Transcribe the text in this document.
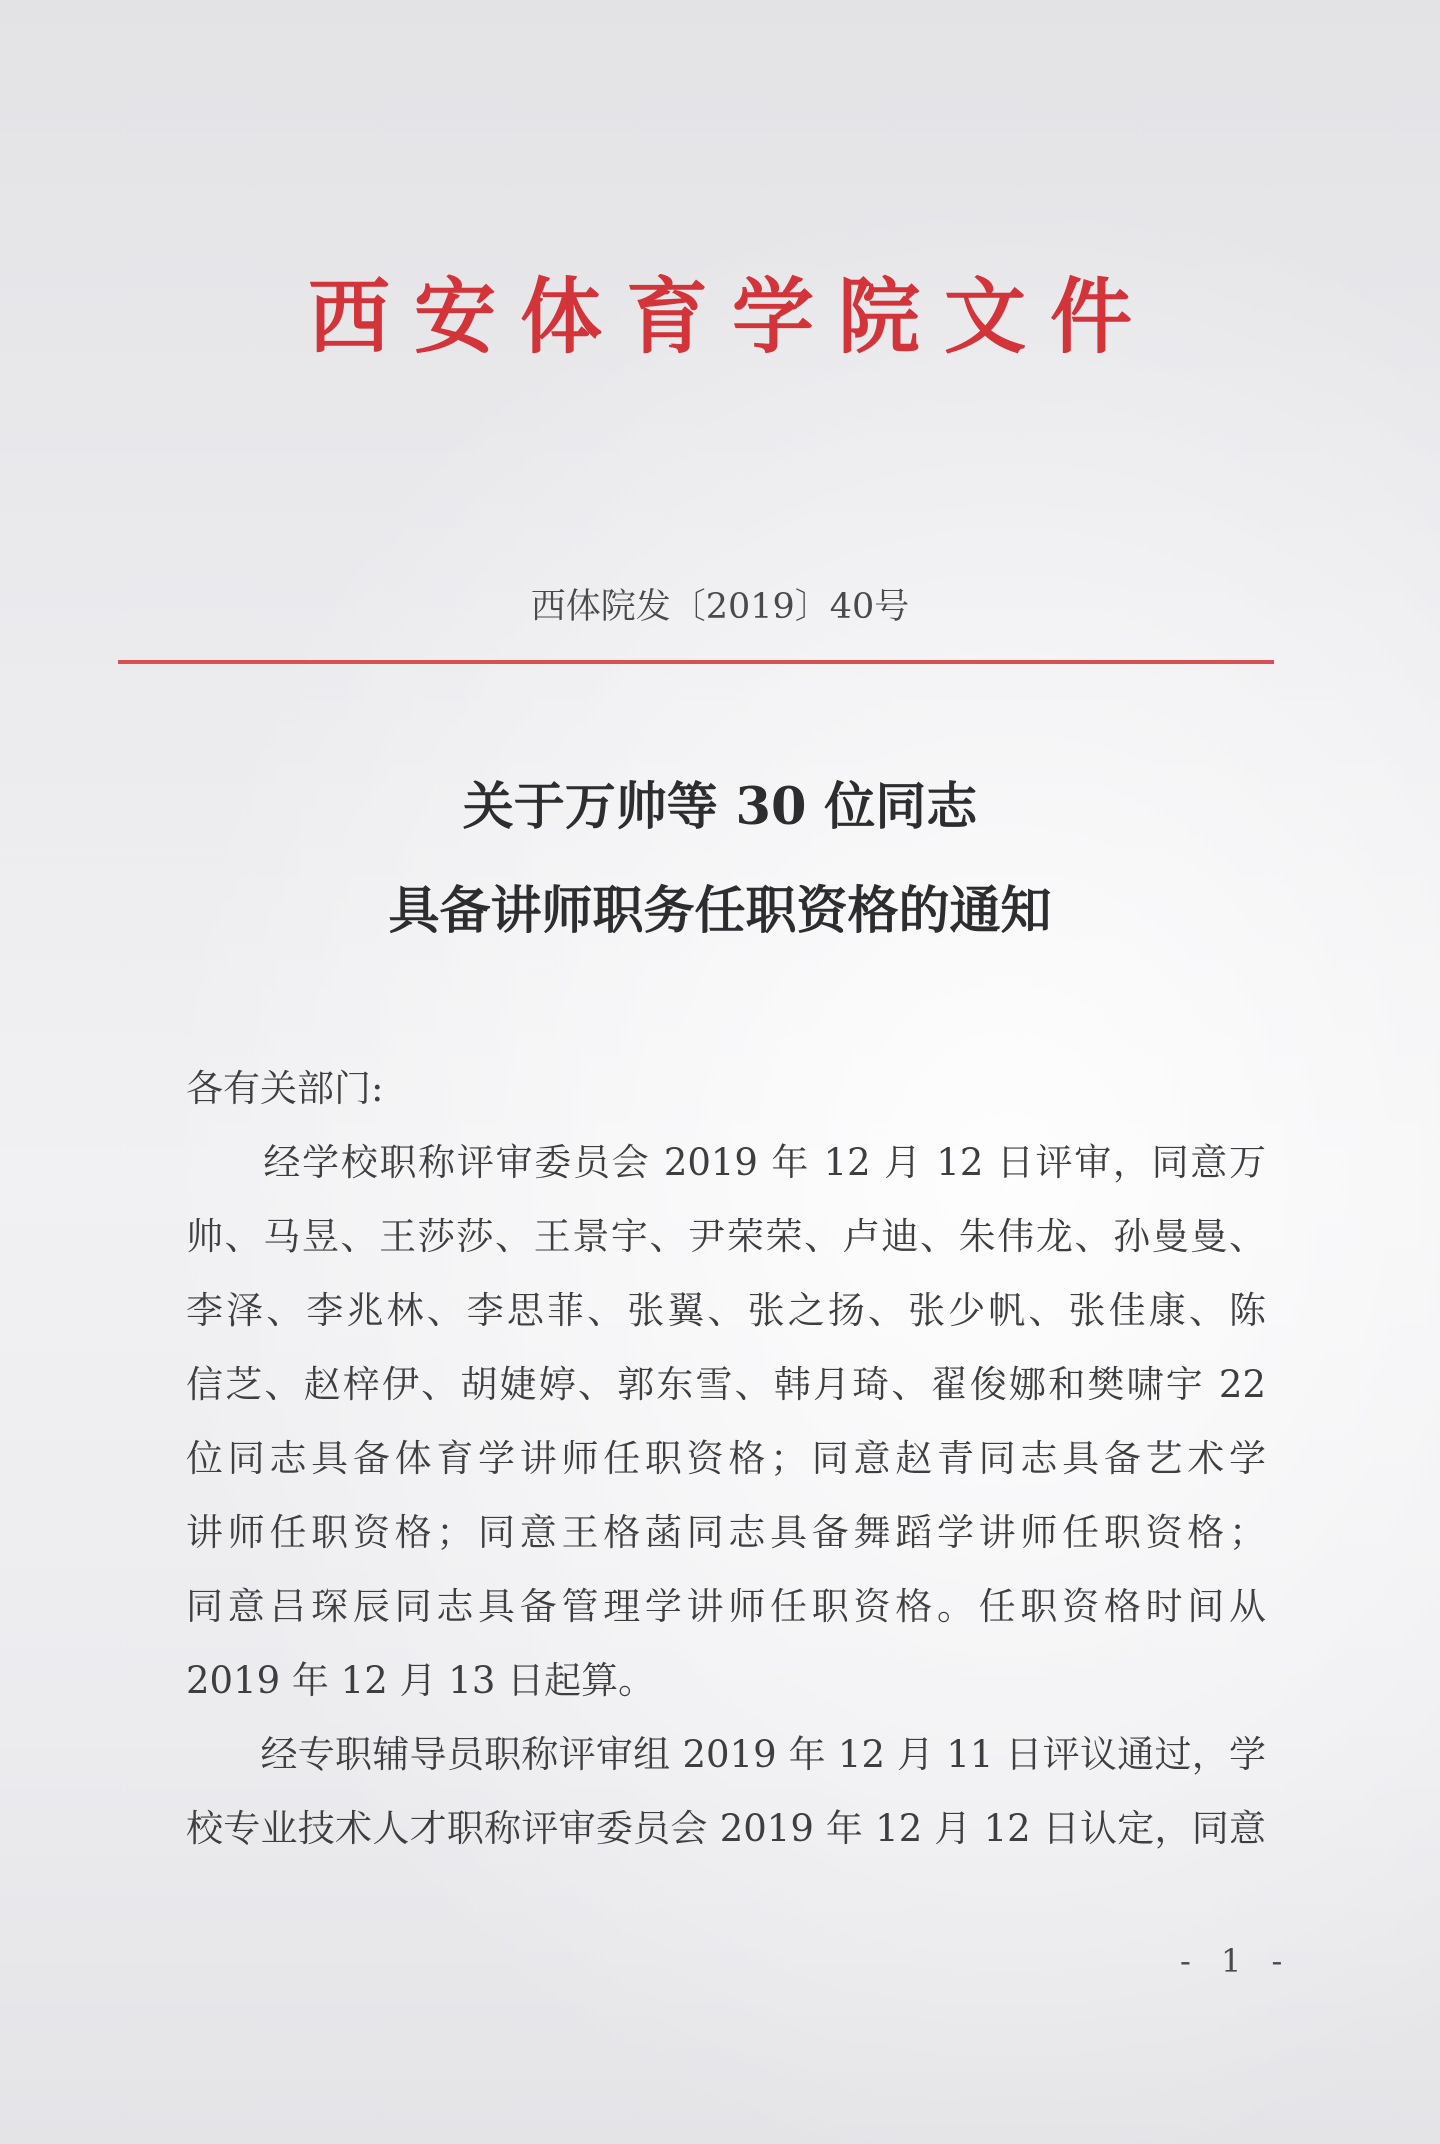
西安体育学院文件
西体院发〔2019〕40号
关于万帅等 30 位同志
具备讲师职务任职资格的通知
各有关部门:
　　经学校职称评审委员会 2019 年 12 月 12 日评审，同意万
帅、马昱、王莎莎、王景宇、尹荣荣、卢迪、朱伟龙、孙曼曼、
李泽、李兆林、李思菲、张翼、张之扬、张少帆、张佳康、陈
信芝、赵梓伊、胡婕婷、郭东雪、韩月琦、翟俊娜和樊啸宇 22
位同志具备体育学讲师任职资格；同意赵青同志具备艺术学
讲师任职资格；同意王格菡同志具备舞蹈学讲师任职资格；
同意吕琛辰同志具备管理学讲师任职资格。任职资格时间从
2019 年 12 月 13 日起算。
　　经专职辅导员职称评审组 2019 年 12 月 11 日评议通过，学
校专业技术人才职称评审委员会 2019 年 12 月 12 日认定，同意
- 1 -
